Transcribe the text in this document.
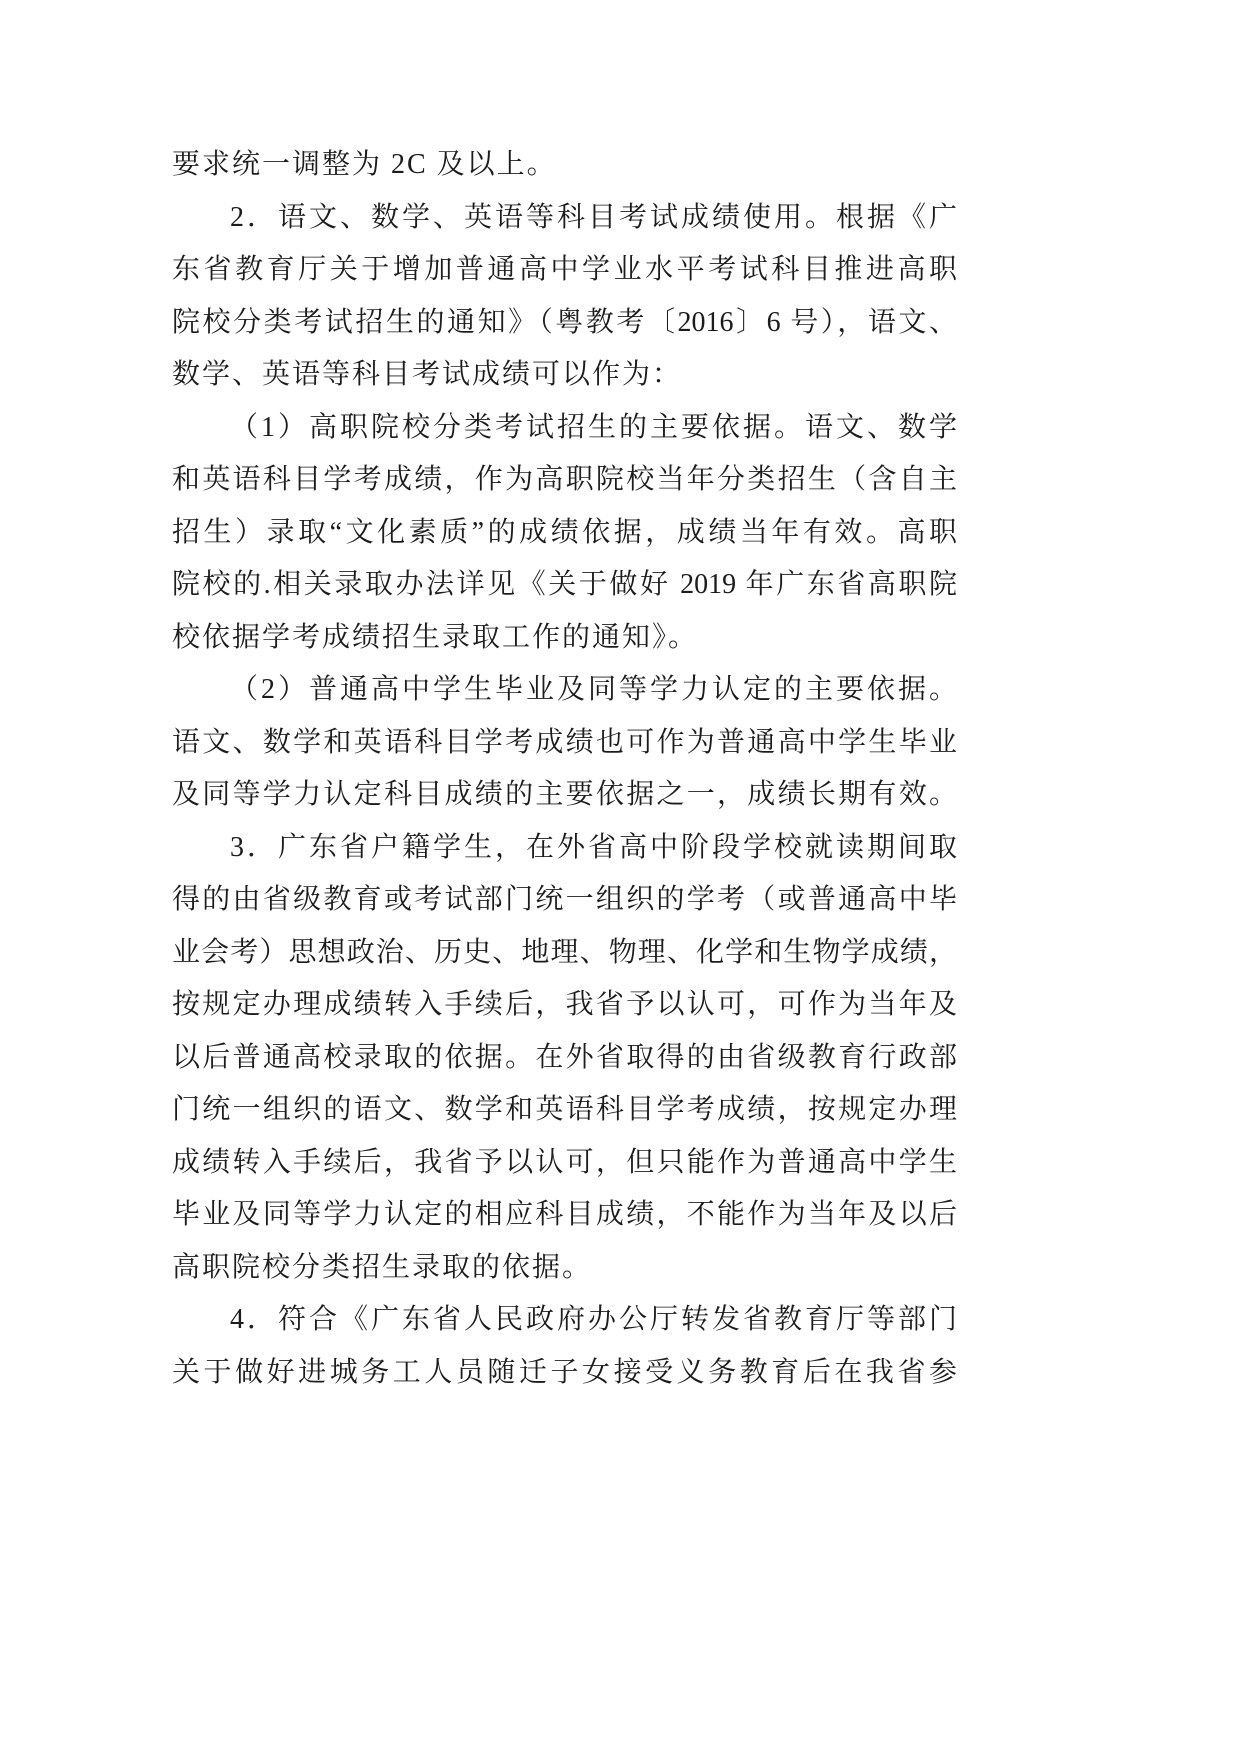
要求统一调整为 2C 及以上。
2．语文、数学、英语等科目考试成绩使用。根据《广
东省教育厅关于增加普通高中学业水平考试科目推进高职
院校分类考试招生的通知》（粤教考〔2016〕6 号），语文、
数学、英语等科目考试成绩可以作为：
（1）高职院校分类考试招生的主要依据。语文、数学
和英语科目学考成绩，作为高职院校当年分类招生（含自主
招生）录取“文化素质”的成绩依据，成绩当年有效。高职
院校的.相关录取办法详见《关于做好 2019 年广东省高职院
校依据学考成绩招生录取工作的通知》。
（2）普通高中学生毕业及同等学力认定的主要依据。
语文、数学和英语科目学考成绩也可作为普通高中学生毕业
及同等学力认定科目成绩的主要依据之一，成绩长期有效。
3．广东省户籍学生，在外省高中阶段学校就读期间取
得的由省级教育或考试部门统一组织的学考（或普通高中毕
业会考）思想政治、历史、地理、物理、化学和生物学成绩，
按规定办理成绩转入手续后，我省予以认可，可作为当年及
以后普通高校录取的依据。在外省取得的由省级教育行政部
门统一组织的语文、数学和英语科目学考成绩，按规定办理
成绩转入手续后，我省予以认可，但只能作为普通高中学生
毕业及同等学力认定的相应科目成绩，不能作为当年及以后
高职院校分类招生录取的依据。
4．符合《广东省人民政府办公厅转发省教育厅等部门
关于做好进城务工人员随迁子女接受义务教育后在我省参
